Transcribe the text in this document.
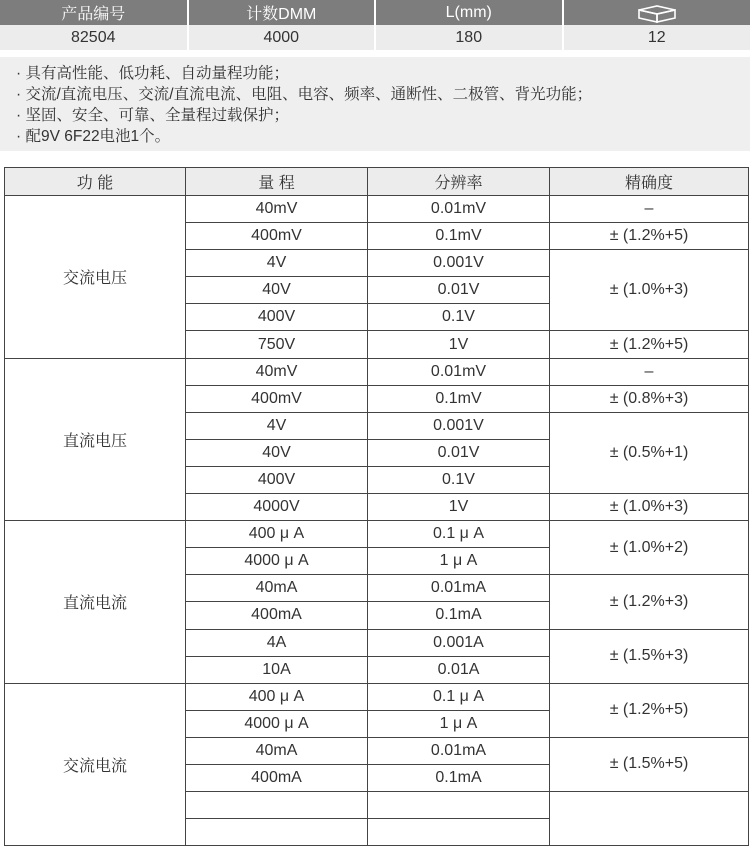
产品编号	计数DMM	L(mm)	
82504	4000	180	12
· 具有高性能、低功耗、自动量程功能；
· 交流/直流电压、交流/直流电流、电阻、电容、频率、通断性、二极管、背光功能；
· 坚固、安全、可靠、全量程过载保护；
· 配9V 6F22电池1个。
功 能	量 程	分辨率	精确度
交流电压	40mV	0.01mV	–
	400mV	0.1mV	± (1.2%+5)
	4V	0.001V	± (1.0%+3)
	40V	0.01V	
	400V	0.1V	
	750V	1V	± (1.2%+5)
直流电压	40mV	0.01mV	–
	400mV	0.1mV	± (0.8%+3)
	4V	0.001V	± (0.5%+1)
	40V	0.01V	
	400V	0.1V	
	4000V	1V	± (1.0%+3)
直流电流	400 μ A	0.1 μ A	± (1.0%+2)
	4000 μ A	1 μ A	
	40mA	0.01mA	± (1.2%+3)
	400mA	0.1mA	
	4A	0.001A	± (1.5%+3)
	10A	0.01A	
交流电流	400 μ A	0.1 μ A	± (1.2%+5)
	4000 μ A	1 μ A	
	40mA	0.01mA	± (1.5%+5)
	400mA	0.1mA	
